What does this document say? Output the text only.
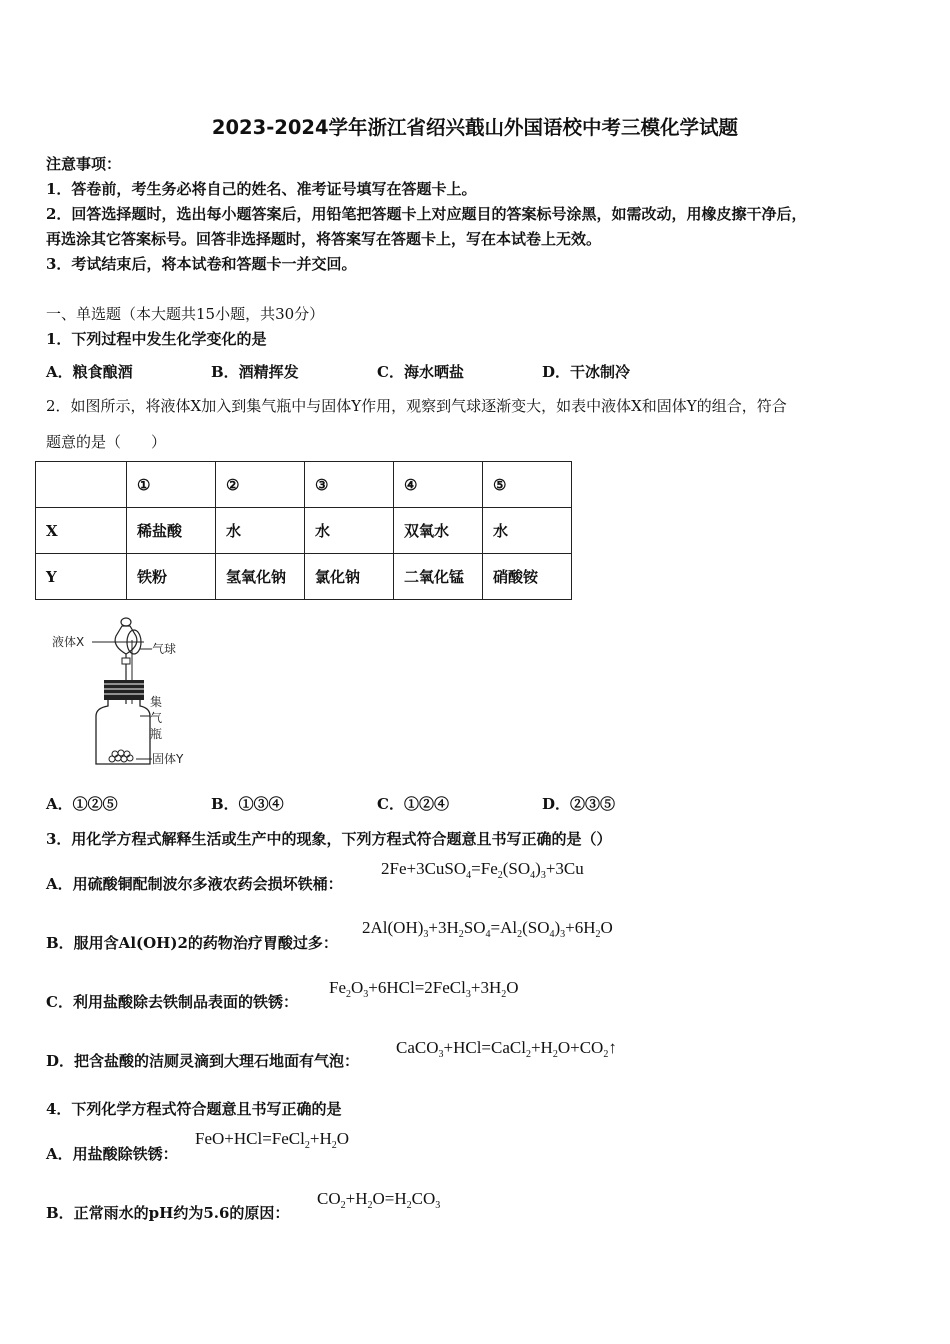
2023-2024学年浙江省绍兴蕺山外国语校中考三模化学试题
注意事项：
1．答卷前，考生务必将自己的姓名、准考证号填写在答题卡上。
2．回答选择题时，选出每小题答案后，用铅笔把答题卡上对应题目的答案标号涂黑，如需改动，用橡皮擦干净后，
再选涂其它答案标号。回答非选择题时，将答案写在答题卡上，写在本试卷上无效。
3．考试结束后，将本试卷和答题卡一并交回。
一、单选题（本大题共15小题，共30分）
1．下列过程中发生化学变化的是
A．粮食酿酒	B．酒精挥发	C．海水晒盐	D．干冰制冷
2．如图所示，将液体X加入到集气瓶中与固体Y作用，观察到气球逐渐变大，如表中液体X和固体Y的组合，符合
题意的是（　　）
	①	②	③	④	⑤
X	稀盐酸	水	水	双氧水	水
Y	铁粉	氢氧化钠	氯化钠	二氧化锰	硝酸铵
液体X	气球
集
气
瓶
固体Y
A．①②⑤	B．①③④	C．①②④	D．②③⑤
3．用化学方程式解释生活或生产中的现象，下列方程式符合题意且书写正确的是（）
A．用硫酸铜配制波尔多液农药会损坏铁桶：
$2Fe+3CuSO_4=Fe_2(SO_4)_3+3Cu$
B．服用含Al(OH)2的药物治疗胃酸过多：
$2Al(OH)_3+3H_2SO_4=Al_2(SO_4)_3+6H_2O$
C．利用盐酸除去铁制品表面的铁锈：
$Fe_2O_3+6HCl=2FeCl_3+3H_2O$
D．把含盐酸的洁厕灵滴到大理石地面有气泡：
$CaCO_3+HCl=CaCl_2+H_2O+CO_2↑$
4．下列化学方程式符合题意且书写正确的是
A．用盐酸除铁锈：
$FeO+HCl=FeCl_2+H_2O$
B．正常雨水的pH约为5.6的原因：
$CO_2+H_2O=H_2CO_3$
